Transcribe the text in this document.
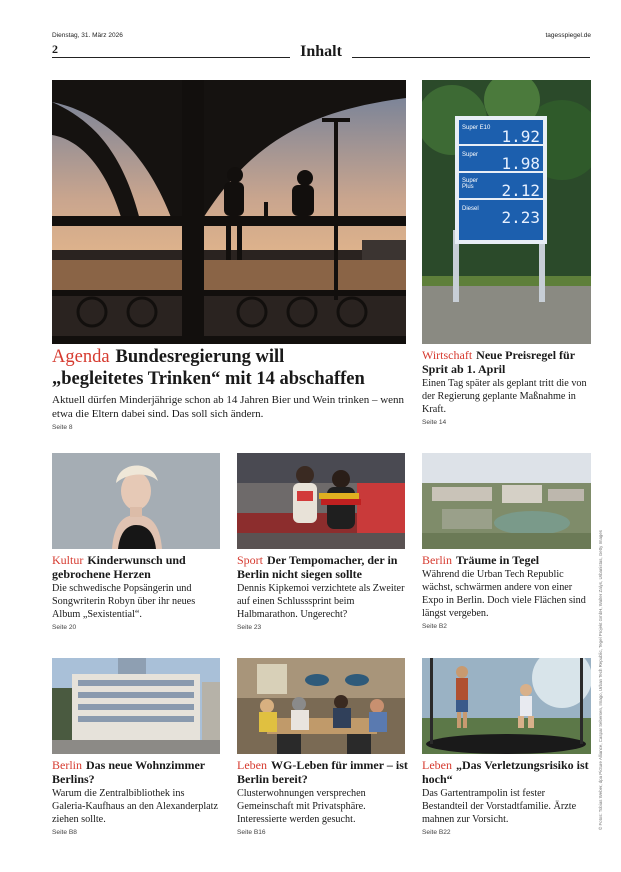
Dienstag, 31. März 2026	tagesspiegel.de
2	Inhalt
Super E10 1.92
Super 1.98
Super Plus	2.12
Diesel 2.23

Agenda Bundesregierung will
„begleitetes Trinken“ mit 14 abschaffen

Aktuell dürfen Minderjährige schon ab 14 Jahren Bier und Wein trinken – wenn etwa die Eltern dabei sind. Das soll sich ändern.

Seite 8

Wirtschaft Neue Preisregel für Sprit ab 1. April

Einen Tag später als geplant tritt die von der Regierung geplante Maßnahme in Kraft.

Seite 14

Kultur Kinderwunsch und gebrochene Herzen

Die schwedische Popsängerin und Songwriterin Robyn über ihr neues Album „Sexistential“.

Seite 20

Sport Der Tempomacher, der in Berlin nicht siegen sollte

Dennis Kipkemoi verzichtete als Zweiter auf einen Schlusssprint beim Halbmarathon. Ungerecht?

Seite 23

Berlin Träume in Tegel

Während die Urban Tech Republic wächst, schwärmen andere von einer Expo in Berlin. Doch viele Flächen sind längst vergeben.

Seite B2

Berlin Das neue Wohnzimmer Berlins?

Warum die Zentralbibliothek ins Galeria-Kaufhaus an den Alexanderplatz ziehen sollte.

Seite B8

Leben WG-Leben für immer – ist Berlin bereit?

Clusterwohnungen versprechen Gemeinschaft mit Privatsphäre. Interessierte werden gesucht.

Seite B16

Leben „Das Verletzungsrisiko ist hoch“

Das Gartentrampolin ist fester Bestandteil der Vorstadtfamilie. Ärzte mahnen zur Vorsicht.

Seite B22
© Fotos: Tobias Weber, dpa Picture Alliance, Caspar Sebersen, Imago, Urban Tech Republic, Tegel Projekt GmbH, Walter Zalys, Urbanistas, Getty Images
